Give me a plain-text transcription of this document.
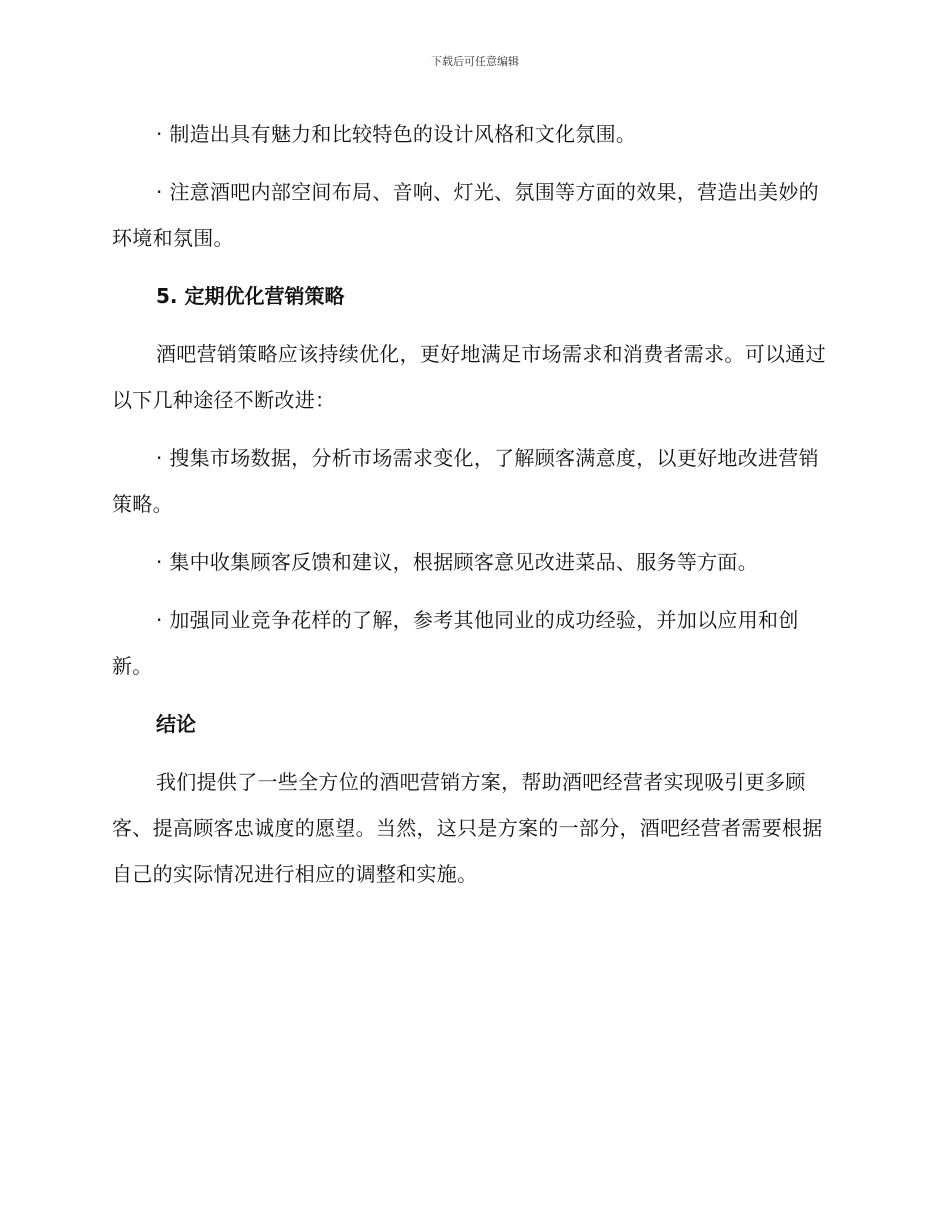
下载后可任意编辑

· 制造出具有魅力和比较特色的设计风格和文化氛围。

· 注意酒吧内部空间布局、音响、灯光、氛围等方面的效果，营造出美妙的环境和氛围。

5. 定期优化营销策略

酒吧营销策略应该持续优化，更好地满足市场需求和消费者需求。可以通过以下几种途径不断改进：

· 搜集市场数据，分析市场需求变化，了解顾客满意度，以更好地改进营销策略。

· 集中收集顾客反馈和建议，根据顾客意见改进菜品、服务等方面。

· 加强同业竞争花样的了解，参考其他同业的成功经验，并加以应用和创新。

结论

我们提供了一些全方位的酒吧营销方案，帮助酒吧经营者实现吸引更多顾客、提高顾客忠诚度的愿望。当然，这只是方案的一部分，酒吧经营者需要根据自己的实际情况进行相应的调整和实施。
